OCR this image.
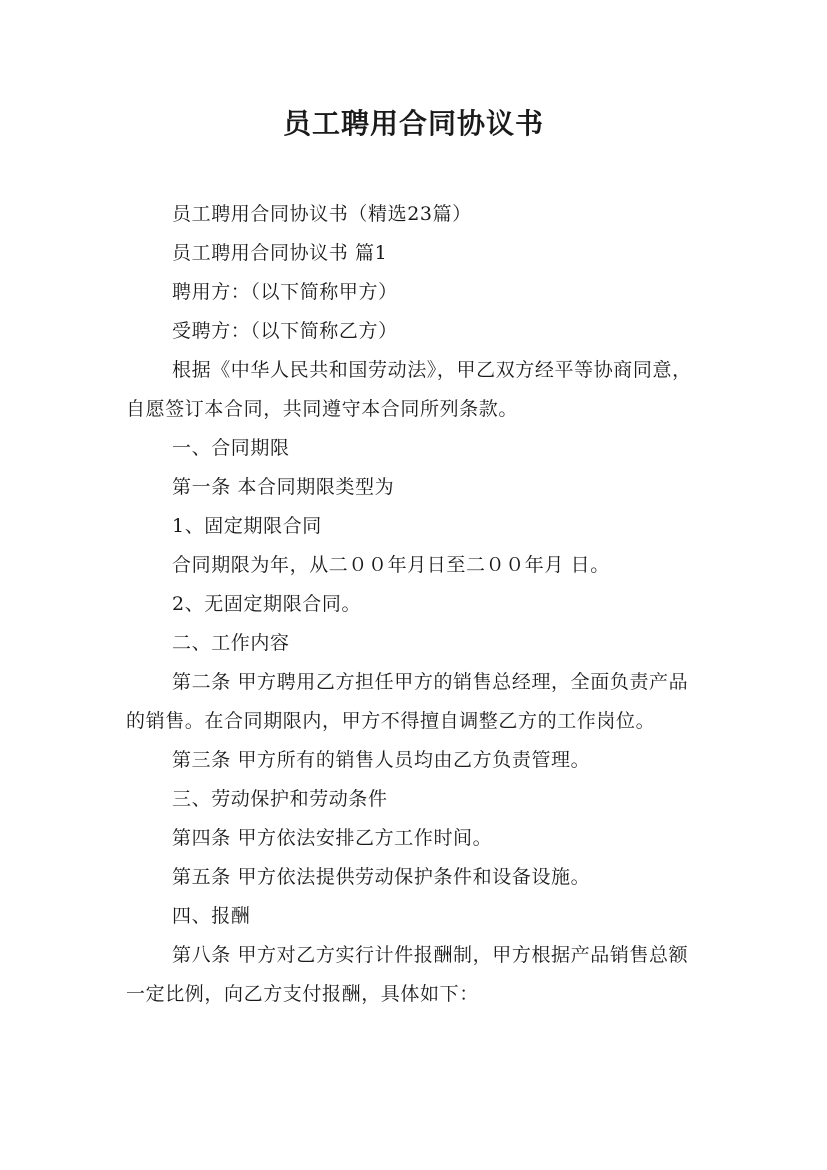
员工聘用合同协议书

员工聘用合同协议书（精选23篇）

员工聘用合同协议书 篇1

聘用方：（以下简称甲方）

受聘方：（以下简称乙方）

根据《中华人民共和国劳动法》，甲乙双方经平等协商同意，自愿签订本合同，共同遵守本合同所列条款。

一、合同期限

第一条 本合同期限类型为

1、固定期限合同

合同期限为年，从二００年月日至二００年月 日。

2、无固定期限合同。

二、工作内容

第二条 甲方聘用乙方担任甲方的销售总经理，全面负责产品的销售。在合同期限内，甲方不得擅自调整乙方的工作岗位。

第三条 甲方所有的销售人员均由乙方负责管理。

三、劳动保护和劳动条件

第四条 甲方依法安排乙方工作时间。

第五条 甲方依法提供劳动保护条件和设备设施。

四、报酬

第八条 甲方对乙方实行计件报酬制，甲方根据产品销售总额一定比例，向乙方支付报酬，具体如下：
